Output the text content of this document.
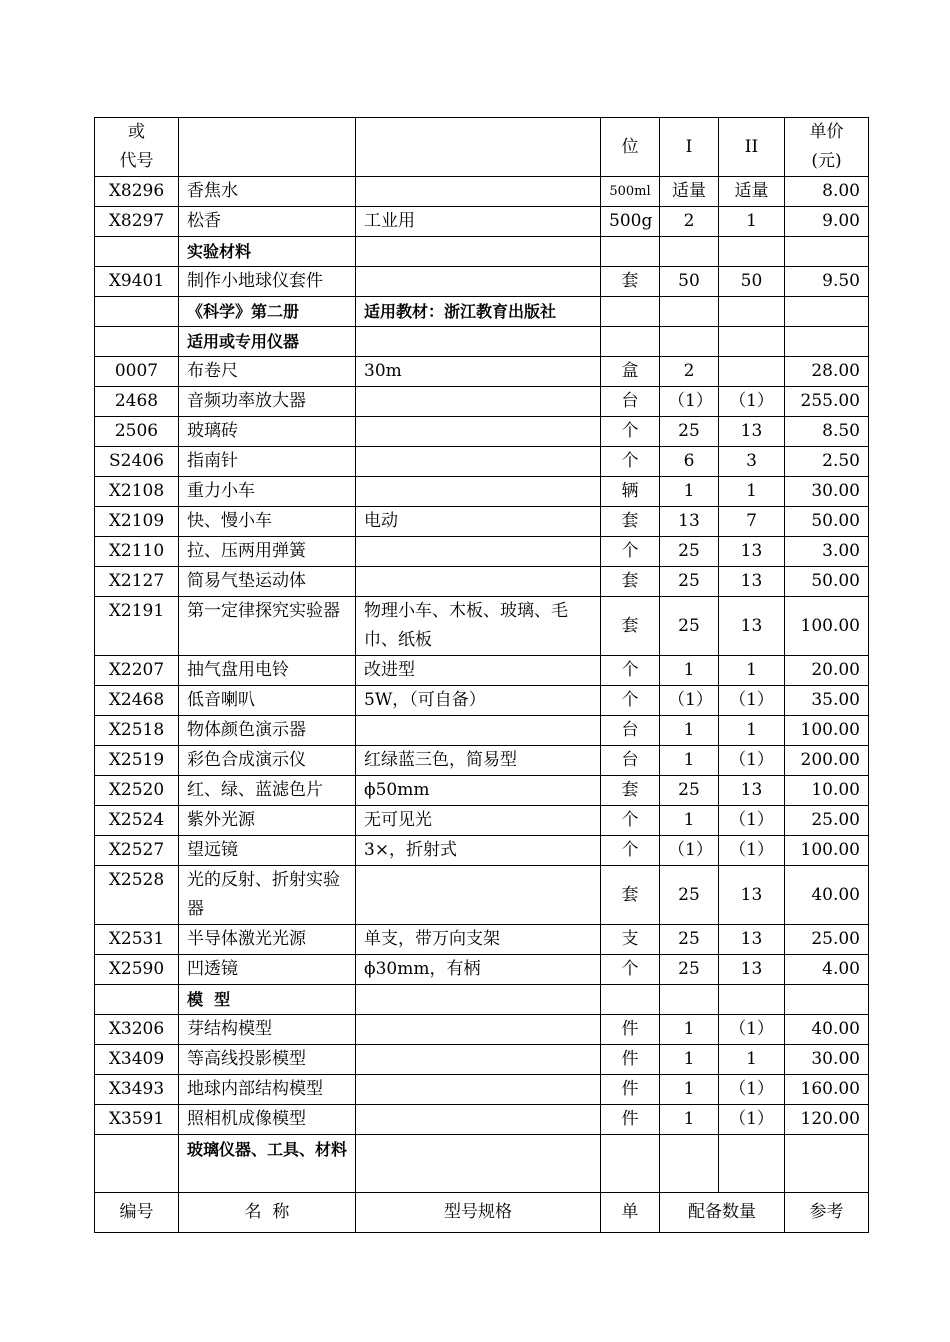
或
代号			位	I	II	单价
(元)
X8296	香焦水		500ml	适量	适量	8.00
X8297	松香	工业用	500g	2	1	9.00
	实验材料					
X9401	制作小地球仪套件		套	50	50	9.50
	《科学》第二册	适用教材：浙江教育出版社				
	适用或专用仪器					
0007	布卷尺	30m	盒	2		28.00
2468	音频功率放大器		台	（1）	（1）	255.00
2506	玻璃砖		个	25	13	8.50
S2406	指南针		个	6	3	2.50
X2108	重力小车		辆	1	1	30.00
X2109	快、慢小车	电动	套	13	7	50.00
X2110	拉、压两用弹簧		个	25	13	3.00
X2127	简易气垫运动体		套	25	13	50.00
X2191	第一定律探究实验器	物理小车、木板、玻璃、毛巾、纸板	套	25	13	100.00
X2207	抽气盘用电铃	改进型	个	1	1	20.00
X2468	低音喇叭	5W，（可自备）	个	（1）	（1）	35.00
X2518	物体颜色演示器		台	1	1	100.00
X2519	彩色合成演示仪	红绿蓝三色，简易型	台	1	（1）	200.00
X2520	红、绿、蓝滤色片	ϕ50mm	套	25	13	10.00
X2524	紫外光源	无可见光	个	1	（1）	25.00
X2527	望远镜	3×，折射式	个	（1）	（1）	100.00
X2528	光的反射、折射实验器		套	25	13	40.00
X2531	半导体激光光源	单支，带万向支架	支	25	13	25.00
X2590	凹透镜	ϕ30mm，有柄	个	25	13	4.00
	模  型					
X3206	芽结构模型		件	1	（1）	40.00
X3409	等高线投影模型		件	1	1	30.00
X3493	地球内部结构模型		件	1	（1）	160.00
X3591	照相机成像模型		件	1	（1）	120.00
	玻璃仪器、工具、材料					
编号	名  称	型号规格	单	配备数量		参考
